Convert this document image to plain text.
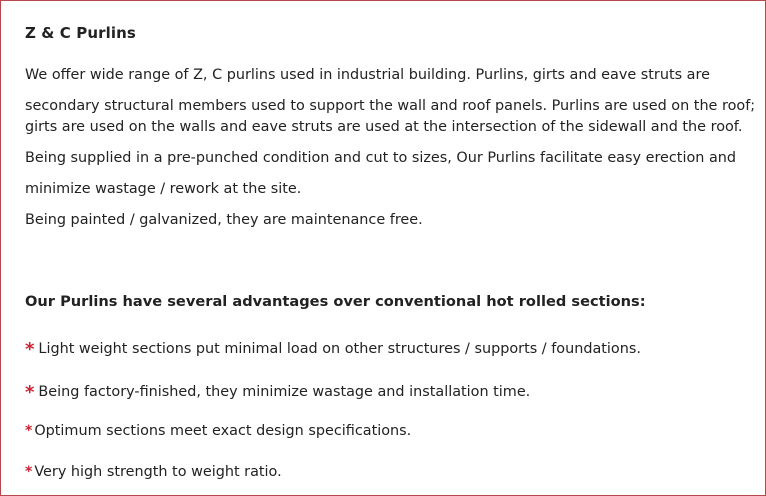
Z & C Purlins
We offer wide range of Z, C purlins used in industrial building. Purlins, girts and eave struts are
secondary structural members used to support the wall and roof panels. Purlins are used on the roof;
girts are used on the walls and eave struts are used at the intersection of the sidewall and the roof.
Being supplied in a pre-punched condition and cut to sizes, Our Purlins facilitate easy erection and
minimize wastage / rework at the site.
Being painted / galvanized, they are maintenance free.
Our Purlins have several advantages over conventional hot rolled sections:
* Light weight sections put minimal load on other structures / supports / foundations.
* Being factory-finished, they minimize wastage and installation time.
* Optimum sections meet exact design specifications.
* Very high strength to weight ratio.
